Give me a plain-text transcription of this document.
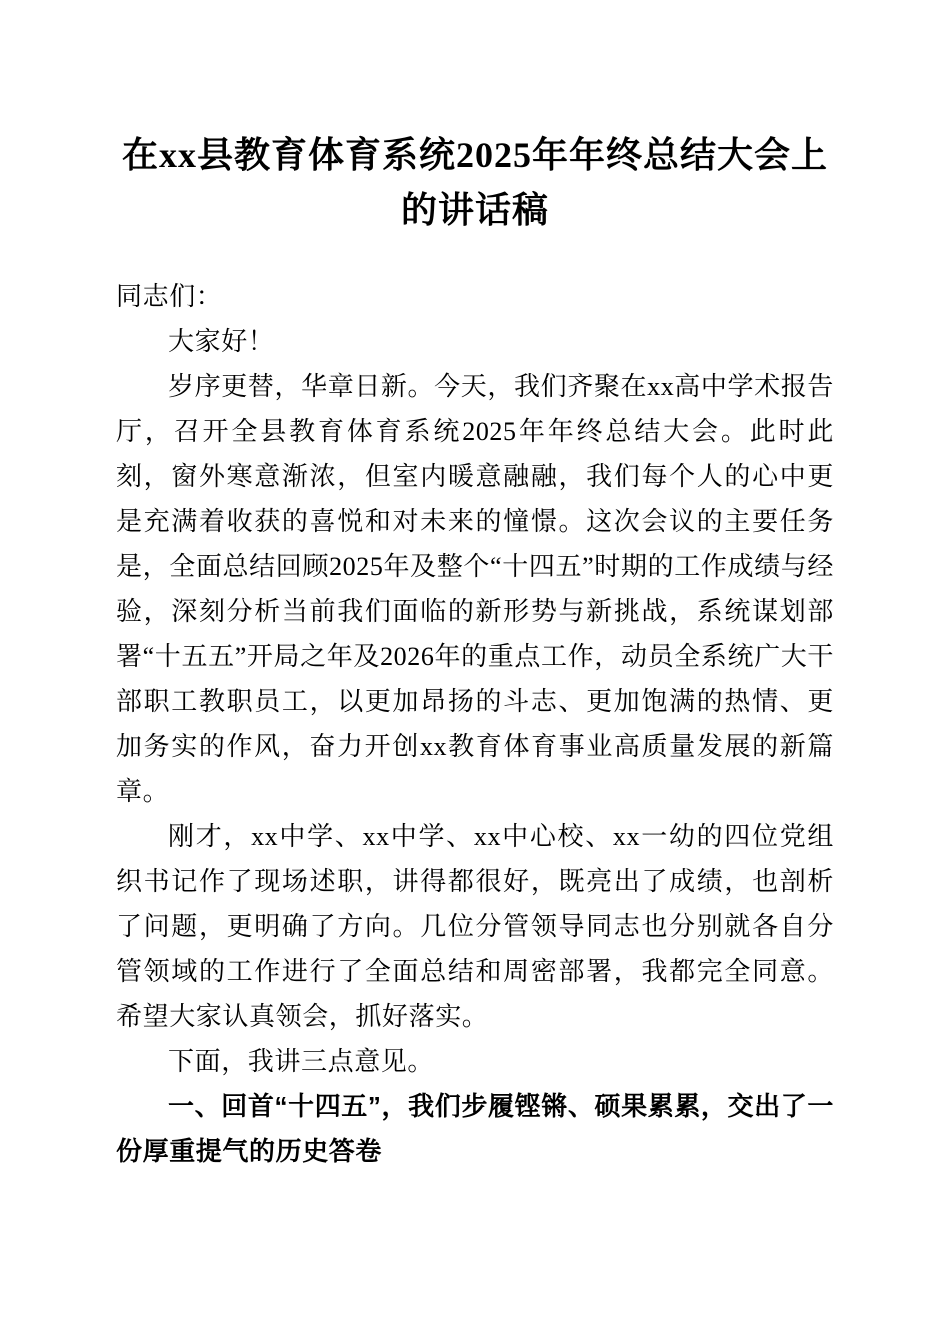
在xx县教育体育系统2025年年终总结大会上的讲话稿

同志们：

大家好！

岁序更替，华章日新。今天，我们齐聚在xx高中学术报告厅，召开全县教育体育系统2025年年终总结大会。此时此刻，窗外寒意渐浓，但室内暖意融融，我们每个人的心中更是充满着收获的喜悦和对未来的憧憬。这次会议的主要任务是，全面总结回顾2025年及整个“十四五”时期的工作成绩与经验，深刻分析当前我们面临的新形势与新挑战，系统谋划部署“十五五”开局之年及2026年的重点工作，动员全系统广大干部职工教职员工，以更加昂扬的斗志、更加饱满的热情、更加务实的作风，奋力开创xx教育体育事业高质量发展的新篇章。

刚才，xx中学、xx中学、xx中心校、xx一幼的四位党组织书记作了现场述职，讲得都很好，既亮出了成绩，也剖析了问题，更明确了方向。几位分管领导同志也分别就各自分管领域的工作进行了全面总结和周密部署，我都完全同意。希望大家认真领会，抓好落实。

下面，我讲三点意见。

一、回首“十四五”，我们步履铿锵、硕果累累，交出了一份厚重提气的历史答卷
